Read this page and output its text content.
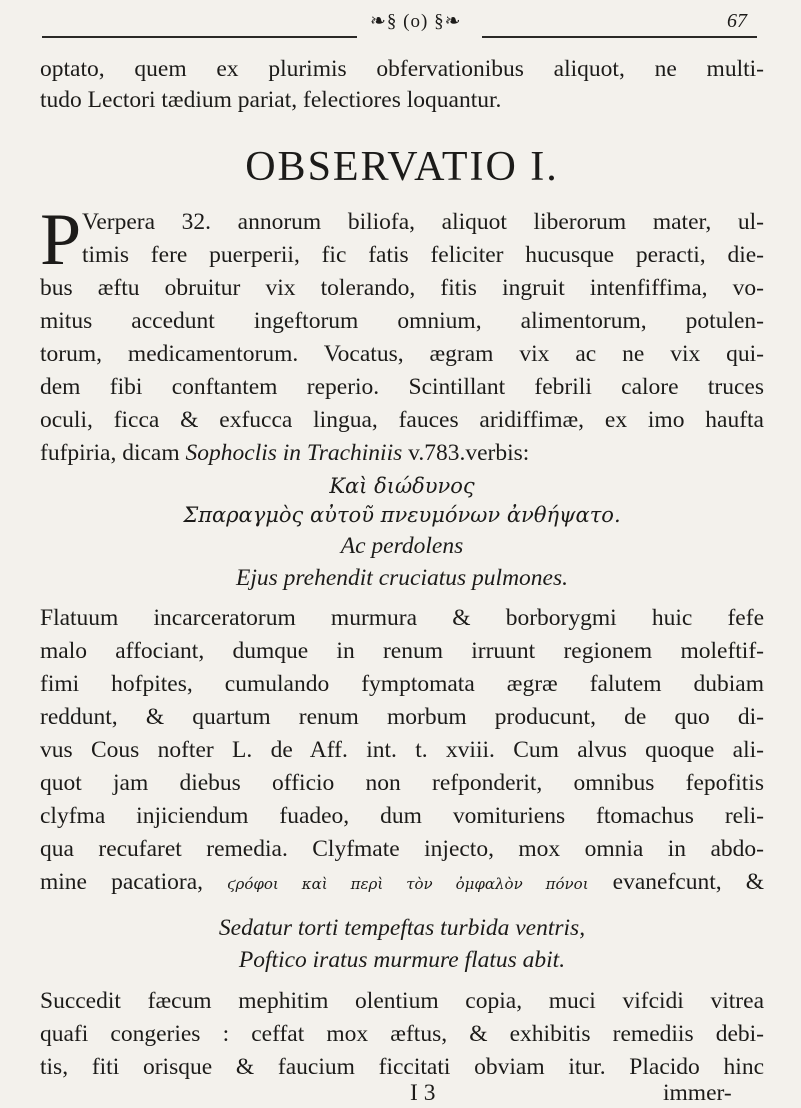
❧§ (o) §❧	67
optato, quem ex plurimis obfervationibus aliquot, ne multi-
tudo Lectori tædium pariat, felectiores loquantur.
OBSERVATIO I.
P Verpera 32. annorum biliofa, aliquot liberorum mater, ul-
timis fere puerperii, fic fatis feliciter hucusque peracti, die-
bus æftu obruitur vix tolerando, fitis ingruit intenfiffima, vo-
mitus accedunt ingeftorum omnium, alimentorum, potulen-
torum, medicamentorum. Vocatus, ægram vix ac ne vix qui-
dem fibi conftantem reperio. Scintillant febrili calore truces
oculi, ficca & exfucca lingua, fauces aridiffimæ, ex imo haufta
fufpiria, dicam Sophoclis in Trachiniis v.783.verbis:
Καὶ διώδυνος
Σπαραγμὸς αὐτοῦ πνευμόνων ἀνθήψατο.
Ac perdolens
Ejus prehendit cruciatus pulmones.
Flatuum incarceratorum murmura & borborygmi huic fefe
malo affociant, dumque in renum irruunt regionem moleftif-
fimi hofpites, cumulando fymptomata ægræ falutem dubiam
reddunt, & quartum renum morbum producunt, de quo di-
vus Cous nofter L. de Aff. int. t. xviii. Cum alvus quoque ali-
quot jam diebus officio non refponderit, omnibus fepofitis
clyfma injiciendum fuadeo, dum vomituriens ftomachus reli-
qua recufaret remedia. Clyfmate injecto, mox omnia in abdo-
mine pacatiora, ϛρόφοι καὶ περὶ τὸν ὀμφαλὸν πόνοι evanefcunt, &
Sedatur torti tempeftas turbida ventris,
Poftico iratus murmure flatus abit.
Succedit fæcum mephitim olentium copia, muci vifcidi vitrea
quafi congeries : ceffat mox æftus, & exhibitis remediis debi-
tis, fiti orisque & faucium ficcitati obviam itur. Placido hinc
I 3	immer-
